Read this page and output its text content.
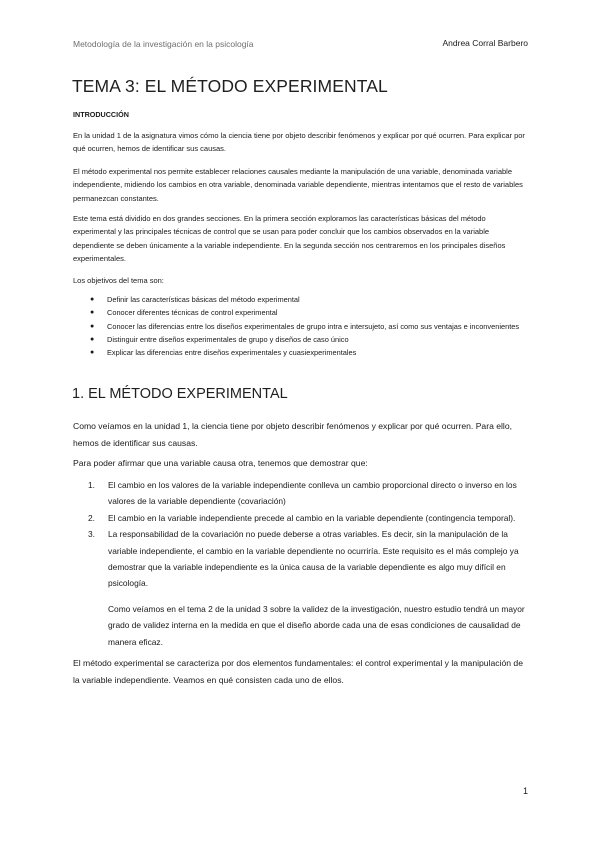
Metodología de la investigación en la psicología	Andrea Corral Barbero
TEMA 3: EL MÉTODO EXPERIMENTAL
INTRODUCCIÓN

En la unidad 1 de la asignatura vimos cómo la ciencia tiene por objeto describir fenómenos y explicar por qué ocurren. Para explicar por qué ocurren, hemos de identificar sus causas.

El método experimental nos permite establecer relaciones causales mediante la manipulación de una variable, denominada variable independiente, midiendo los cambios en otra variable, denominada variable dependiente, mientras intentamos que el resto de variables permanezcan constantes.

Este tema está dividido en dos grandes secciones. En la primera sección exploramos las características básicas del método experimental y las principales técnicas de control que se usan para poder concluir que los cambios observados en la variable dependiente se deben únicamente a la variable independiente. En la segunda sección nos centraremos en los principales diseños experimentales.

Los objetivos del tema son:

● Definir las características básicas del método experimental
● Conocer diferentes técnicas de control experimental
● Conocer las diferencias entre los diseños experimentales de grupo intra e intersujeto, así como sus ventajas e inconvenientes
● Distinguir entre diseños experimentales de grupo y diseños de caso único
● Explicar las diferencias entre diseños experimentales y cuasiexperimentales
1. EL MÉTODO EXPERIMENTAL

Como veíamos en la unidad 1, la ciencia tiene por objeto describir fenómenos y explicar por qué ocurren. Para ello, hemos de identificar sus causas.

Para poder afirmar que una variable causa otra, tenemos que demostrar que:

1. El cambio en los valores de la variable independiente conlleva un cambio proporcional directo o inverso en los valores de la variable dependiente (covariación)
2. El cambio en la variable independiente precede al cambio en la variable dependiente (contingencia temporal).
3. La responsabilidad de la covariación no puede deberse a otras variables. Es decir, sin la manipulación de la variable independiente, el cambio en la variable dependiente no ocurriría. Este requisito es el más complejo ya demostrar que la variable independiente es la única causa de la variable dependiente es algo muy difícil en psicología.

Como veíamos en el tema 2 de la unidad 3 sobre la validez de la investigación, nuestro estudio tendrá un mayor grado de validez interna en la medida en que el diseño aborde cada una de esas condiciones de causalidad de manera eficaz.

El método experimental se caracteriza por dos elementos fundamentales: el control experimental y la manipulación de la variable independiente. Veamos en qué consisten cada uno de ellos.

1
